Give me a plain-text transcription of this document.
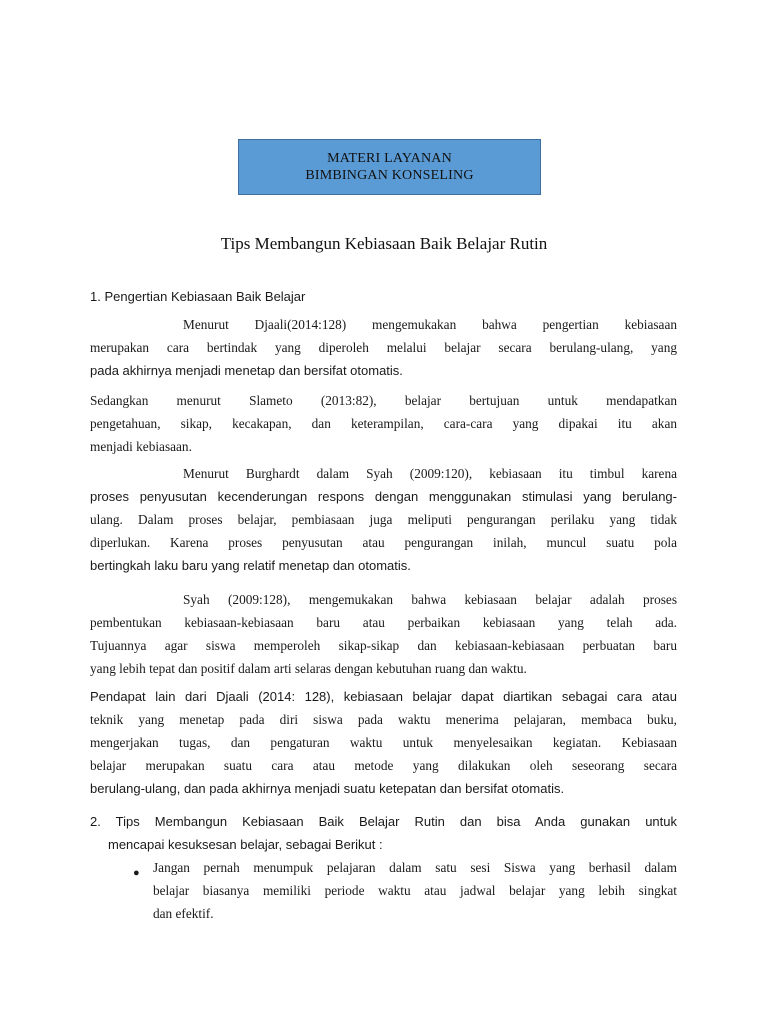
MATERI LAYANAN
BIMBINGAN KONSELING
Tips Membangun Kebiasaan Baik Belajar Rutin
1. Pengertian Kebiasaan Baik Belajar
Menurut Djaali(2014:128) mengemukakan bahwa pengertian kebiasaan
merupakan cara bertindak yang diperoleh melalui belajar secara berulang-ulang, yang
pada akhirnya menjadi menetap dan bersifat otomatis.
Sedangkan menurut Slameto (2013:82), belajar bertujuan untuk mendapatkan
pengetahuan, sikap, kecakapan, dan keterampilan, cara-cara yang dipakai itu akan
menjadi kebiasaan.
Menurut Burghardt dalam Syah (2009:120), kebiasaan itu timbul karena
proses penyusutan kecenderungan respons dengan menggunakan stimulasi yang berulang-
ulang. Dalam proses belajar, pembiasaan juga meliputi pengurangan perilaku yang tidak
diperlukan. Karena proses penyusutan atau pengurangan inilah, muncul suatu pola
bertingkah laku baru yang relatif menetap dan otomatis.
Syah (2009:128), mengemukakan bahwa kebiasaan belajar adalah proses
pembentukan kebiasaan-kebiasaan baru atau perbaikan kebiasaan yang telah ada.
Tujuannya agar siswa memperoleh sikap-sikap dan kebiasaan-kebiasaan perbuatan baru
yang lebih tepat dan positif dalam arti selaras dengan kebutuhan ruang dan waktu.
Pendapat lain dari Djaali (2014: 128), kebiasaan belajar dapat diartikan sebagai cara atau
teknik yang menetap pada diri siswa pada waktu menerima pelajaran, membaca buku,
mengerjakan tugas, dan pengaturan waktu untuk menyelesaikan kegiatan. Kebiasaan
belajar merupakan suatu cara atau metode yang dilakukan oleh seseorang secara
berulang-ulang, dan pada akhirnya menjadi suatu ketepatan dan bersifat otomatis.
2. Tips Membangun Kebiasaan Baik Belajar Rutin dan bisa Anda gunakan untuk
mencapai kesuksesan belajar, sebagai Berikut :
● Jangan pernah menumpuk pelajaran dalam satu sesi Siswa yang berhasil dalam
belajar biasanya memiliki periode waktu atau jadwal belajar yang lebih singkat
dan efektif.
